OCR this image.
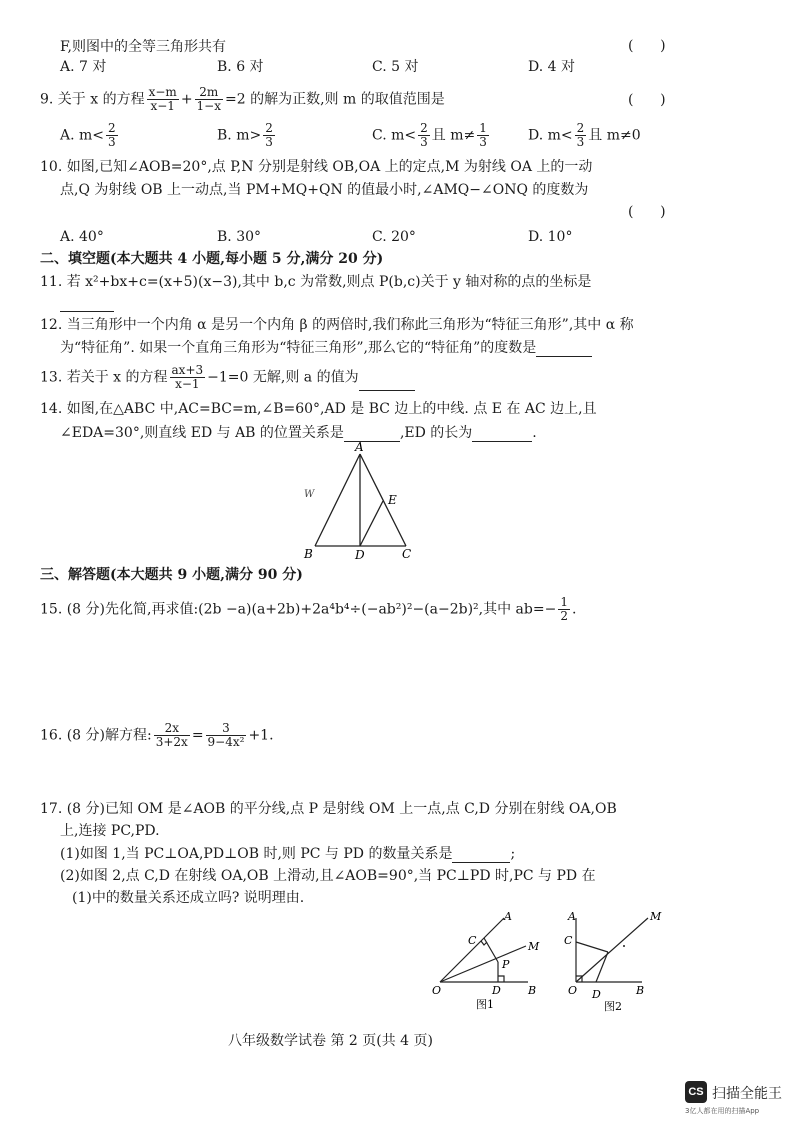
F,则图中的全等三角形共有	(      )
A. 7 对	B. 6 对	C. 5 对	D. 4 对
9. 关于 x 的方程 $\frac{x-m}{x-1} + \frac{2m}{1-x} =2$ 的解为正数,则 m 的取值范围是	(      )
A. $m< \frac{2}{3}$	B. $m> \frac{2}{3}$	C. $m< \frac{2}{3}$ 且 $m\ne \frac{1}{3}$	D. $m< \frac{2}{3}$ 且 m≠0
10. 如图,已知∠AOB=20°,点 P,N 分别是射线 OB,OA 上的定点,M 为射线 OA 上的一动
点,Q 为射线 OB 上一动点,当 PM+MQ+QN 的值最小时,∠AMQ−∠ONQ 的度数为
(      )
A. 40°	B. 30°	C. 20°	D. 10°
二、填空题(本大题共 4 小题,每小题 5 分,满分 20 分)
11. 若 x²+bx+c=(x+5)(x−3),其中 b,c 为常数,则点 P(b,c)关于 y 轴对称的点的坐标是
12. 当三角形中一个内角 α 是另一个内角 β 的两倍时,我们称此三角形为“特征三角形”,其中 α 称
为“特征角”. 如果一个直角三角形为“特征三角形”,那么它的“特征角”的度数是
13. 若关于 x 的方程 $\frac{ax+3}{x-1} -1=0$ 无解,则 a 的值为
14. 如图,在△ABC 中,AC=BC=m,∠B=60°,AD 是 BC 边上的中线. 点 E 在 AC 边上,且
∠EDA=30°,则直线 ED 与 AB 的位置关系是	,ED 的长为	.
A
B	C
D
E
W
三、解答题(本大题共 9 小题,满分 90 分)
15. (8 分)先化简,再求值:(2b −a)(a+2b)+2a⁴b⁴÷(−ab²)²−(a−2b)²,其中 $ab=- \frac{1}{2}$ .
16. (8 分)解方程: $\frac{2x}{3+2x} = \frac{3}{\text{9−4x²}} +1$.
17. (8 分)已知 OM 是∠AOB 的平分线,点 P 是射线 OM 上一点,点 C,D 分别在射线 OA,OB
上,连接 PC,PD.
(1)如图 1,当 PC⊥OA,PD⊥OB 时,则 PC 与 PD 的数量关系是	;
(2)如图 2,点 C,D 在射线 OA,OB 上滑动,且∠AOB=90°,当 PC⊥PD 时,PC 与 PD 在
(1)中的数量关系还成立吗? 说明理由.
A
C	M
P
O	D B
图1
A	M
C
O D	B
图2
八年级数学试卷 第 2 页(共 4 页)
CS 扫描全能王
3亿人都在用的扫描App
